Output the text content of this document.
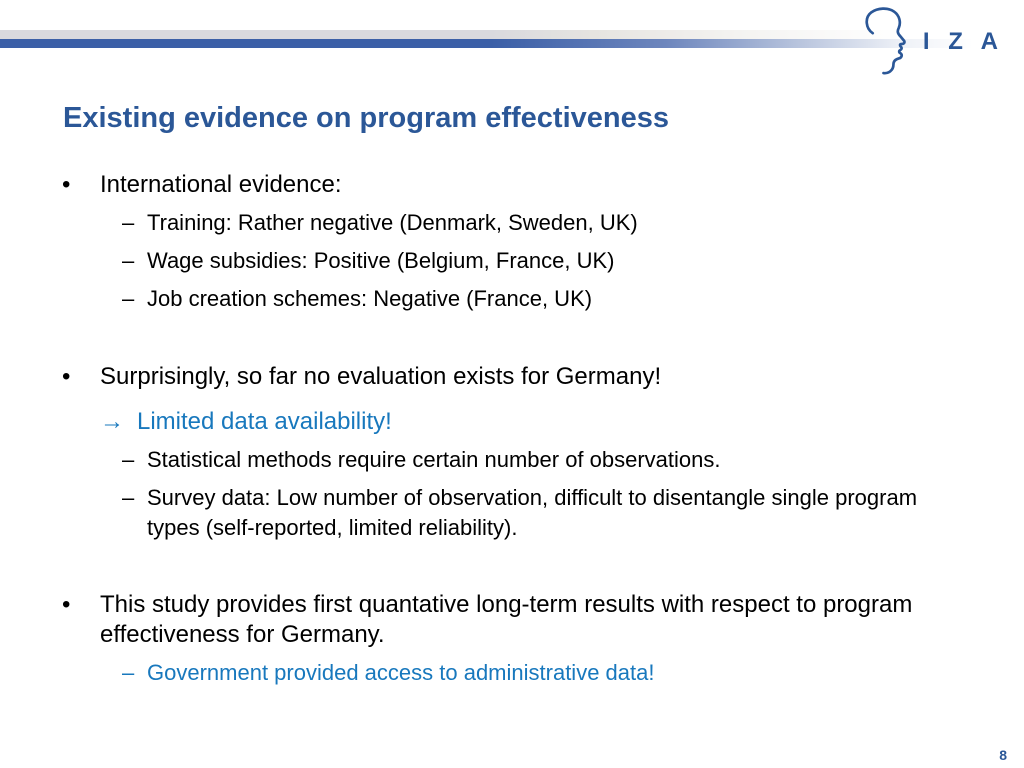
I Z A
Existing evidence on program effectiveness
• International evidence:
– Training: Rather negative (Denmark, Sweden, UK)
– Wage subsidies: Positive (Belgium, France, UK)
– Job creation schemes: Negative (France, UK)
• Surprisingly, so far no evaluation exists for Germany!
→ Limited data availability!
– Statistical methods require certain number of observations.
– Survey data: Low number of observation, difficult to disentangle single program types (self-reported, limited reliability).
• This study provides first quantative long-term results with respect to program effectiveness for Germany.
– Government provided access to administrative data!
8
